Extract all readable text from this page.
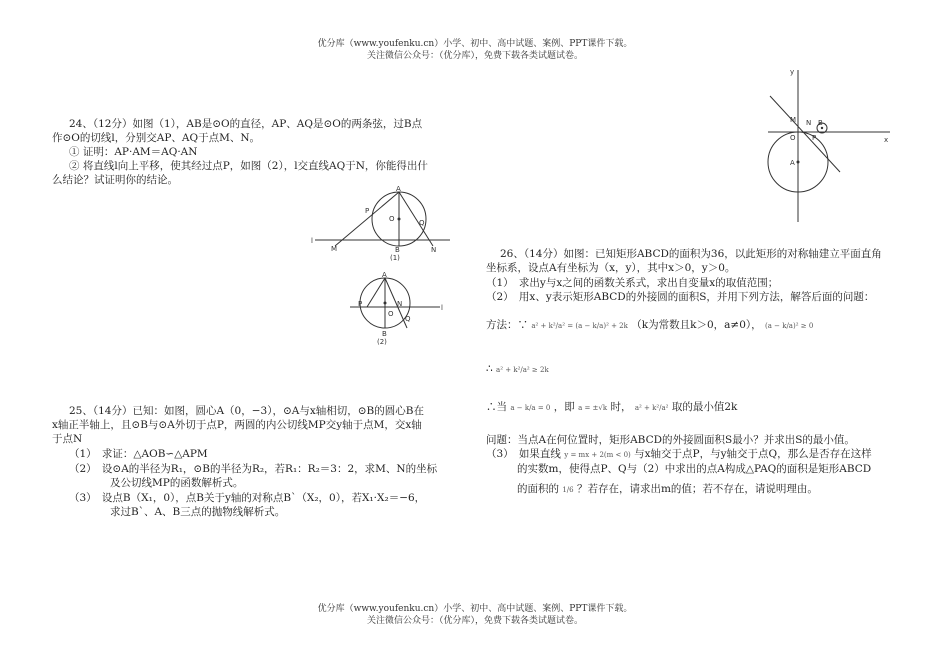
优分库（www.youfenku.cn）小学、初中、高中试题、案例、PPT课件下载。
关注微信公众号：（优分库），免费下载各类试题试卷。
24、（12分）如图（1），AB是⊙O的直径，AP、AQ是⊙O的两条弦，过B点
作⊙O的切线l，分别交AP、AQ于点M、N。
① 证明：AP·AM＝AQ·AN
② 将直线l向上平移，使其经过点P，如图（2），l交直线AQ于N，你能得出什
么结论？试证明你的结论。
A
P
O	Q
l
M	B	N
(1)
A
P	N
Q
O
B
l
(2)
25、（14分）已知：如图，圆心A（0，−3），⊙A与x轴相切，⊙B的圆心B在
x轴正半轴上，且⊙B与⊙A外切于点P，两圆的内公切线MP交y轴于点M，交x轴
于点N
（1）　求证：△AOB∽△APM
（2）　设⊙A的半径为R₁，⊙B的半径为R₂，若R₁：R₂＝3：2，求M、N的坐标
及公切线MP的函数解析式。
（3）　设点B（X₁，0），点B关于y轴的对称点B`（X₂，0），若X₁·X₂＝−6，
求过B`、A、B三点的抛物线解析式。
y
M N B
O P	x
A
26、（14分）如图：已知矩形ABCD的面积为36，以此矩形的对称轴建立平面直角
坐标系，设点A有坐标为（x，y），其中x＞0，y＞0。
（1）　求出y与x之间的函数关系式，求出自变量x的取值范围；
（2）　用x、y表示矩形ABCD的外接圆的面积S，并用下列方法，解答后面的问题：
方法：∵ a² + k²/a² = (a − k/a)² + 2k （k为常数且k＞0，a≠0）， (a − k/a)² ≥ 0
∴ a² + k²/a² ≥ 2k
∴当 a − k/a = 0 ，即 a = ±√k 时， a² + k²/a² 取的最小值2k
问题：当点A在何位置时，矩形ABCD的外接圆面积S最小？并求出S的最小值。
（3）　如果直线 y = mx + 2(m < 0) 与x轴交于点P，与y轴交于点Q，那么是否存在这样
的实数m，使得点P、Q与（2）中求出的点A构成△PAQ的面积是矩形ABCD
的面积的 1/6 ？若存在，请求出m的值；若不存在，请说明理由。
优分库（www.youfenku.cn）小学、初中、高中试题、案例、PPT课件下载。
关注微信公众号：（优分库），免费下载各类试题试卷。
